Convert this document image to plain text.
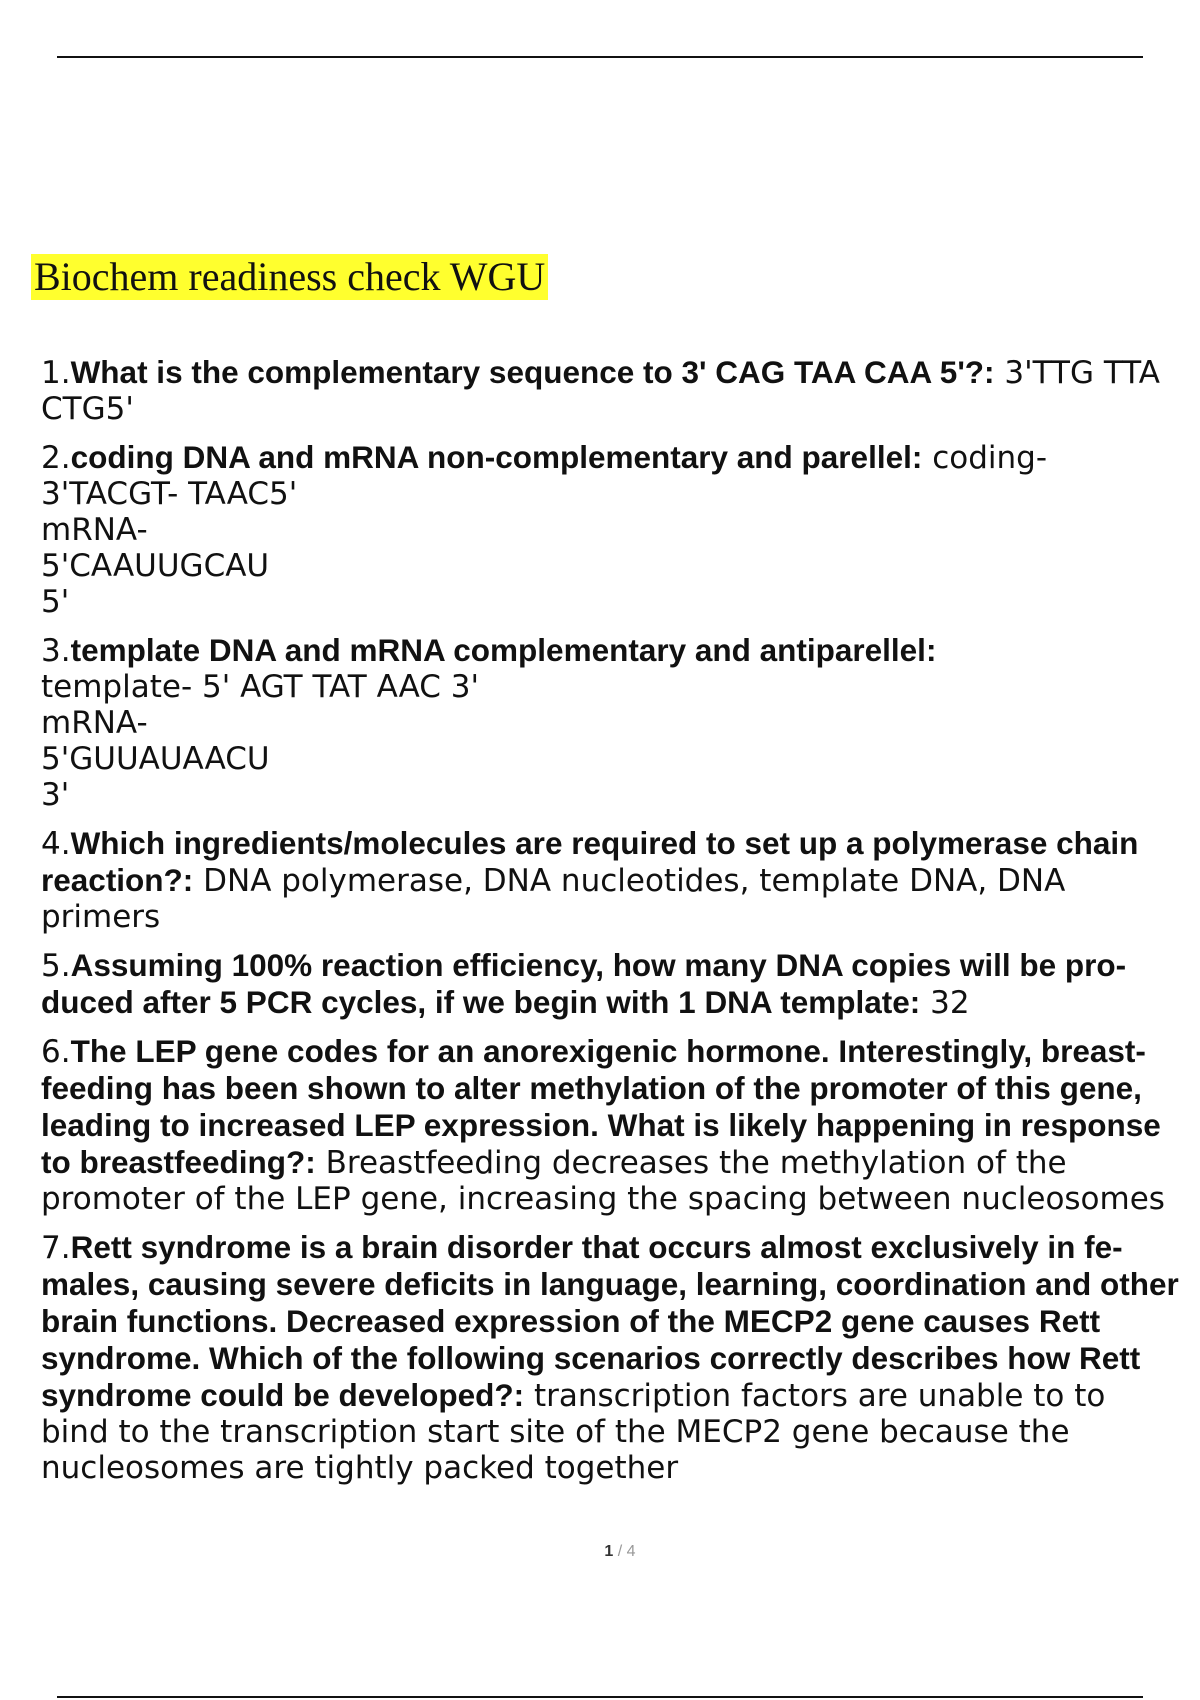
Biochem readiness check WGU
1.What is the complementary sequence to 3' CAG TAA CAA 5'?: 3'TTG TTA CTG5'
2.coding DNA and mRNA non-complementary and parellel: coding- 3'TACGT- TAAC5'
mRNA-
5'CAAUUGCAU
5'
3.template DNA and mRNA complementary and antiparellel:
template- 5' AGT TAT AAC 3'
mRNA-
5'GUUAUAACU
3'
4.Which ingredients/molecules are required to set up a polymerase chain reaction?: DNA polymerase, DNA nucleotides, template DNA, DNA primers
5.Assuming 100% reaction efficiency, how many DNA copies will be pro- duced after 5 PCR cycles, if we begin with 1 DNA template: 32
6.The LEP gene codes for an anorexigenic hormone. Interestingly, breast- feeding has been shown to alter methylation of the promoter of this gene, leading to increased LEP expression. What is likely happening in response to breastfeeding?: Breastfeeding decreases the methylation of the promoter of the LEP gene, increasing the spacing between nucleosomes
7.Rett syndrome is a brain disorder that occurs almost exclusively in fe- males, causing severe deficits in language, learning, coordination and other brain functions. Decreased expression of the MECP2 gene causes Rett syndrome. Which of the following scenarios correctly describes how Rett syndrome could be developed?: transcription factors are unable to to bind to the transcription start site of the MECP2 gene because the nucleosomes are tightly packed together
1 / 4
